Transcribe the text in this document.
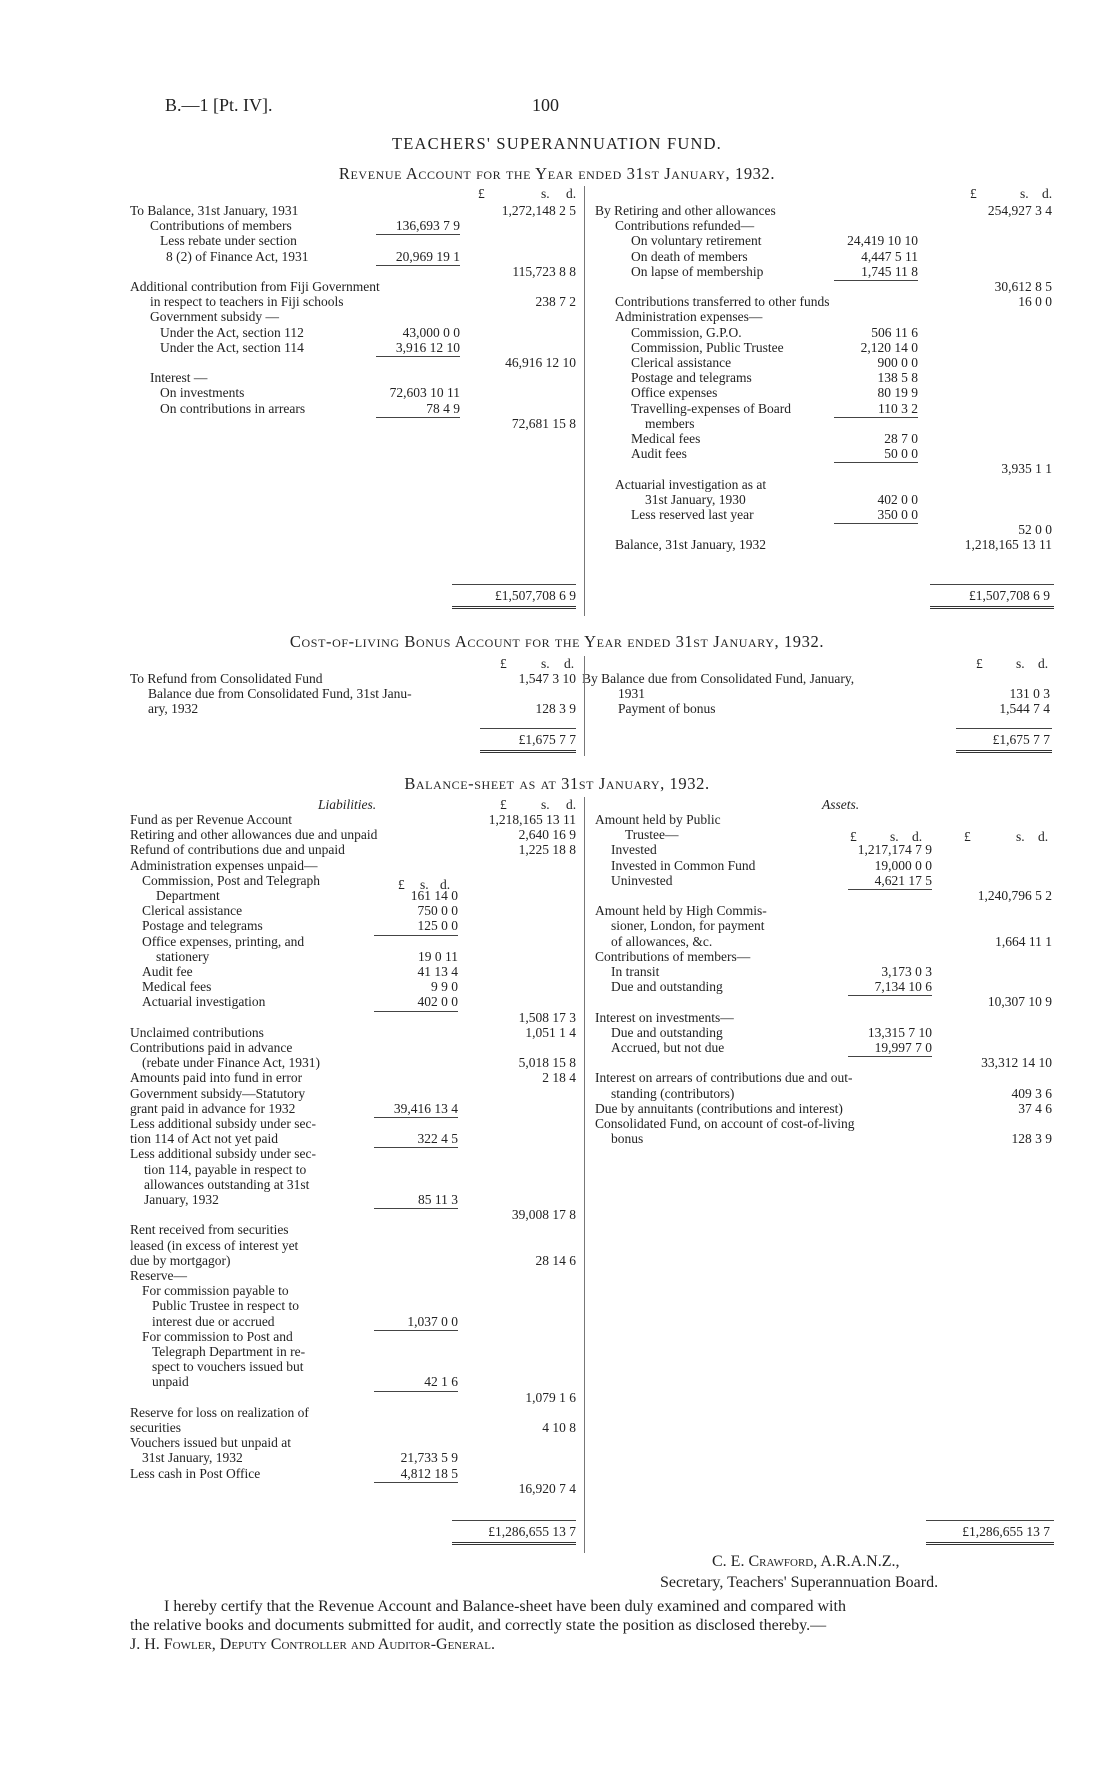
B.—1 [Pt. IV].	100
TEACHERS' SUPERANNUATION FUND.
Revenue Account for the Year ended 31st January, 1932.
£	s. d.	£	s. d.
To Balance, 31st January, 1931	1,272,148 2 5
Contributions of members	136,693 7 9
Less rebate under section
8 (2) of Finance Act, 1931	20,969 19 1
115,723 8 8
Additional contribution from Fiji Government
in respect to teachers in Fiji schools	238 7 2
Government subsidy —
Under the Act, section 112	43,000 0 0
Under the Act, section 114	3,916 12 10
46,916 12 10
Interest —
On investments	72,603 10 11
On contributions in arrears	78 4 9
72,681 15 8
By Retiring and other allowances	254,927 3 4
Contributions refunded—
On voluntary retirement	24,419 10 10
On death of members	4,447 5 11
On lapse of membership	1,745 11 8
30,612 8 5
Contributions transferred to other funds	16 0 0
Administration expenses—
Commission, G.P.O.	506 11 6
Commission, Public Trustee	2,120 14 0
Clerical assistance	900 0 0
Postage and telegrams	138 5 8
Office expenses	80 19 9
Travelling-expenses of Board	110 3 2
members
Medical fees	28 7 0
Audit fees	50 0 0
3,935 1 1
Actuarial investigation as at
31st January, 1930	402 0 0
Less reserved last year	350 0 0
52 0 0
Balance, 31st January, 1932	1,218,165 13 11
£1,507,708 6 9	£1,507,708 6 9
Cost-of-living Bonus Account for the Year ended 31st January, 1932.
£	s. d.	£ s. d.
To Refund from Consolidated Fund	1,547 3 10
Balance due from Consolidated Fund, 31st Janu-
ary, 1932	128 3 9
By Balance due from Consolidated Fund, January,
1931	131 0 3
Payment of bonus	1,544 7 4
£1,675 7 7	£1,675 7 7
Balance-sheet as at 31st January, 1932.
Liabilities.	Assets.
£	s. d.
£ s. d.
£ s. d.	£	s. d.
Fund as per Revenue Account	1,218,165 13 11
Retiring and other allowances due and unpaid	2,640 16 9
Refund of contributions due and unpaid	1,225 18 8
Administration expenses unpaid—
Commission, Post and Telegraph
Department	161 14 0
Clerical assistance	750 0 0
Postage and telegrams	125 0 0
Office expenses, printing, and
stationery	19 0 11
Audit fee	41 13 4
Medical fees	9 9 0
Actuarial investigation	402 0 0
1,508 17 3
Unclaimed contributions	1,051 1 4
Contributions paid in advance
(rebate under Finance Act, 1931)	5,018 15 8
Amounts paid into fund in error	2 18 4
Government subsidy—Statutory
grant paid in advance for 1932	39,416 13 4
Less additional subsidy under sec-
tion 114 of Act not yet paid	322 4 5
Less additional subsidy under sec-
tion 114, payable in respect to
allowances outstanding at 31st
January, 1932	85 11 3
39,008 17 8
Rent received from securities
leased (in excess of interest yet
due by mortgagor)	28 14 6
Reserve—
For commission payable to
Public Trustee in respect to
interest due or accrued	1,037 0 0
For commission to Post and
Telegraph Department in re-
spect to vouchers issued but
unpaid	42 1 6
1,079 1 6
Reserve for loss on realization of
securities	4 10 8
Vouchers issued but unpaid at
31st January, 1932	21,733 5 9
Less cash in Post Office	4,812 18 5
16,920 7 4
Amount held by Public
Trustee—
Invested	1,217,174 7 9
Invested in Common Fund	19,000 0 0
Uninvested	4,621 17 5
1,240,796 5 2
Amount held by High Commis-
sioner, London, for payment
of allowances, &c.	1,664 11 1
Contributions of members—
In transit	3,173 0 3
Due and outstanding	7,134 10 6
10,307 10 9
Interest on investments—
Due and outstanding	13,315 7 10
Accrued, but not due	19,997 7 0
33,312 14 10
Interest on arrears of contributions due and out-
standing (contributors)	409 3 6
Due by annuitants (contributions and interest)	37 4 6
Consolidated Fund, on account of cost-of-living
bonus	128 3 9
£1,286,655 13 7	£1,286,655 13 7
C. E. Crawford, A.R.A.N.Z.,
Secretary, Teachers' Superannuation Board.
I hereby certify that the Revenue Account and Balance-sheet have been duly examined and compared with
the relative books and documents submitted for audit, and correctly state the position as disclosed thereby.—
J. H. Fowler, Deputy Controller and Auditor-General.
